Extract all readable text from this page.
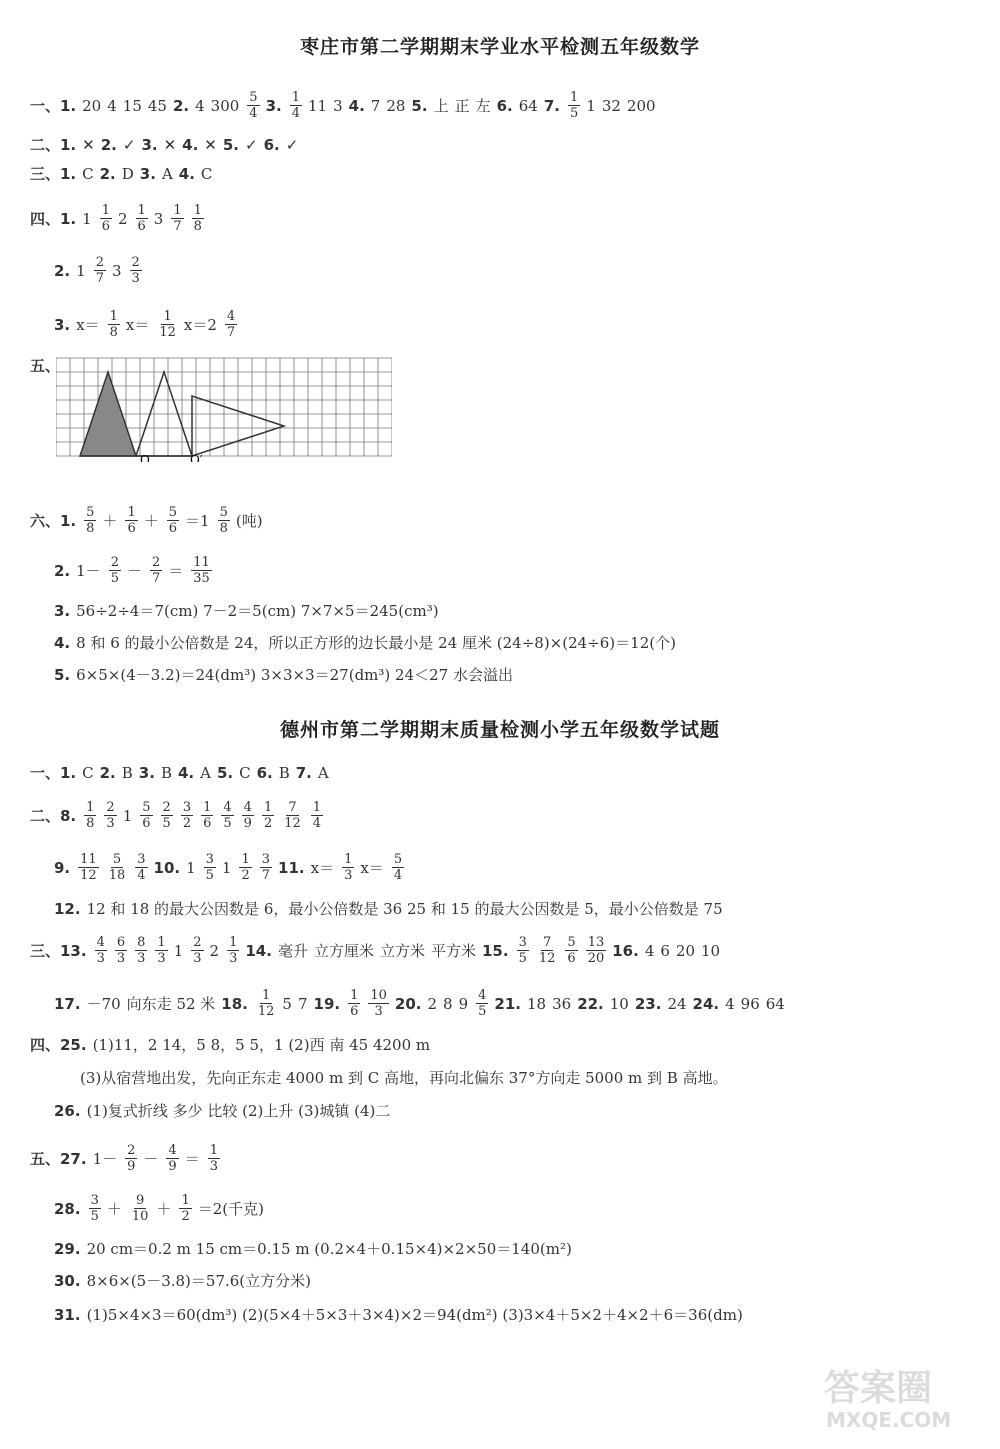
枣庄市第二学期期末学业水平检测五年级数学
一、1. 20 4 15 45 2. 4 $300 \frac{5}{4} 3$. $\frac{1}{4} 11$ 3 4. 7 28 5. 上 正 左 6. 64 7. $\frac{1}{5} 1$ 32 200
二、1. ✕ 2. ✓ 3. ✕ 4. ✕ 5. ✓ 6. ✓
三、1. C 2. D 3. A 4. C
四、1. $1 \frac{1}{6} 2 \frac{1}{6} 3 \frac{1}{7} \frac{1}{8}$
2. $1 \frac{2}{7} 3 \frac{2}{3}$
3. $x= \frac{1}{8} x= \frac{1}{12} x=2 \frac{4}{7}$
五、
O	O′
六、1. $\frac{5}{8} + \frac{1}{6} + \frac{5}{6} =1 \frac{5}{8}$ (吨)
2. $1- \frac{2}{5} - \frac{2}{7} = \frac{11}{35}$
3. 56÷2÷4＝7(cm) 7－2＝5(cm) 7×7×5＝245(cm³)
4. 8 和 6 的最小公倍数是 24，所以正方形的边长最小是 24 厘米 (24÷8)×(24÷6)＝12(个)
5. 6×5×(4－3.2)＝24(dm³) 3×3×3＝27(dm³) 24＜27 水会溢出
德州市第二学期期末质量检测小学五年级数学试题
一、1. C 2. B 3. B 4. A 5. C 6. B 7. A
二、8. $\frac{1}{8} \frac{2}{3} 1 \frac{5}{6} \frac{2}{5} \frac{3}{2} \frac{1}{6} \frac{4}{5} \frac{4}{9} \frac{1}{2} \frac{7}{12} \frac{1}{4}$
9. $\frac{11}{12} \frac{5}{18} \frac{3}{4} 10$. $1 \frac{3}{5} 1 \frac{1}{2} \frac{3}{7} 11$. $x= \frac{1}{3} x= \frac{5}{4}$
12. 12 和 18 的最大公因数是 6，最小公倍数是 36 25 和 15 的最大公因数是 5，最小公倍数是 75
三、13. $\frac{4}{3} \frac{6}{3} \frac{8}{3} \frac{1}{3} 1 \frac{2}{3} 2 \frac{1}{3} 14$. 毫升 立方厘米 立方米 平方米 15. $\frac{3}{5} \frac{7}{12} \frac{5}{6} \frac{13}{20} 16$. 4 6 20 10
17. －70 向东走 52 米 18. $\frac{1}{12} 5$ 7 19. $\frac{1}{6} \frac{10}{3} 20$. 2 8 $9 \frac{4}{5} 21$. 18 36 22. 10 23. 24 24. 4 96 64
四、25. (1)11，2 14，5 8，5 5，1 (2)西 南 45 4200 m
(3)从宿营地出发，先向正东走 4000 m 到 C 高地，再向北偏东 37°方向走 5000 m 到 B 高地。
26. (1)复式折线 多少 比较 (2)上升 (3)城镇 (4)二
五、27. $1- \frac{2}{9} - \frac{4}{9} = \frac{1}{3}$
28. $\frac{3}{5} + \frac{9}{10} + \frac{1}{2} =2$(千克)
29. 20 cm＝0.2 m 15 cm＝0.15 m (0.2×4＋0.15×4)×2×50＝140(m²)
30. 8×6×(5－3.8)＝57.6(立方分米)
31. (1)5×4×3＝60(dm³) (2)(5×4＋5×3＋3×4)×2＝94(dm²) (3)3×4＋5×2＋4×2＋6＝36(dm)
答案圈
MXQE.COM
